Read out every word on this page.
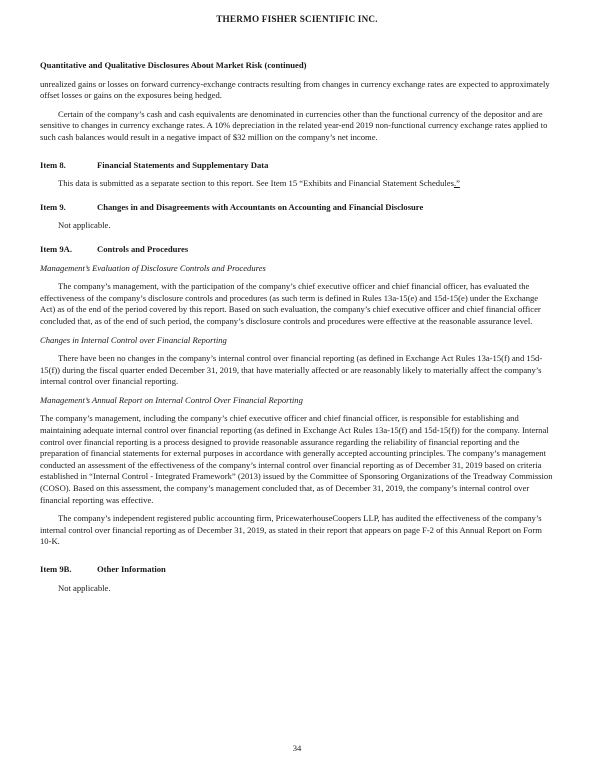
THERMO FISHER SCIENTIFIC INC.
Quantitative and Qualitative Disclosures About Market Risk (continued)

unrealized gains or losses on forward currency-exchange contracts resulting from changes in currency exchange rates are expected to approximately offset losses or gains on the exposures being hedged.

Certain of the company’s cash and cash equivalents are denominated in currencies other than the functional currency of the depositor and are sensitive to changes in currency exchange rates. A 10% depreciation in the related year-end 2019 non-functional currency exchange rates applied to such cash balances would result in a negative impact of $32 million on the company’s net income.

Item 8.	Financial Statements and Supplementary Data

This data is submitted as a separate section to this report. See Item 15 “Exhibits and Financial Statement Schedules.”

Item 9.	Changes in and Disagreements with Accountants on Accounting and Financial Disclosure

Not applicable.

Item 9A.	Controls and Procedures
Management’s Evaluation of Disclosure Controls and Procedures

The company’s management, with the participation of the company’s chief executive officer and chief financial officer, has evaluated the effectiveness of the company’s disclosure controls and procedures (as such term is defined in Rules 13a-15(e) and 15d-15(e) under the Exchange Act) as of the end of the period covered by this report. Based on such evaluation, the company’s chief executive officer and chief financial officer concluded that, as of the end of such period, the company’s disclosure controls and procedures were effective at the reasonable assurance level.

Changes in Internal Control over Financial Reporting

There have been no changes in the company’s internal control over financial reporting (as defined in Exchange Act Rules 13a-15(f) and 15d-15(f)) during the fiscal quarter ended December 31, 2019, that have materially affected or are reasonably likely to materially affect the company’s internal control over financial reporting.

Management’s Annual Report on Internal Control Over Financial Reporting

The company’s management, including the company’s chief executive officer and chief financial officer, is responsible for establishing and maintaining adequate internal control over financial reporting (as defined in Exchange Act Rules 13a-15(f) and 15d-15(f)) for the company. Internal control over financial reporting is a process designed to provide reasonable assurance regarding the reliability of financial reporting and the preparation of financial statements for external purposes in accordance with generally accepted accounting principles. The company’s management conducted an assessment of the effectiveness of the company’s internal control over financial reporting as of December 31, 2019 based on criteria established in “Internal Control - Integrated Framework” (2013) issued by the Committee of Sponsoring Organizations of the Treadway Commission (COSO). Based on this assessment, the company’s management concluded that, as of December 31, 2019, the company’s internal control over financial reporting was effective.

The company’s independent registered public accounting firm, PricewaterhouseCoopers LLP, has audited the effectiveness of the company’s internal control over financial reporting as of December 31, 2019, as stated in their report that appears on page F-2 of this Annual Report on Form 10-K.

Item 9B.	Other Information

Not applicable.

34
